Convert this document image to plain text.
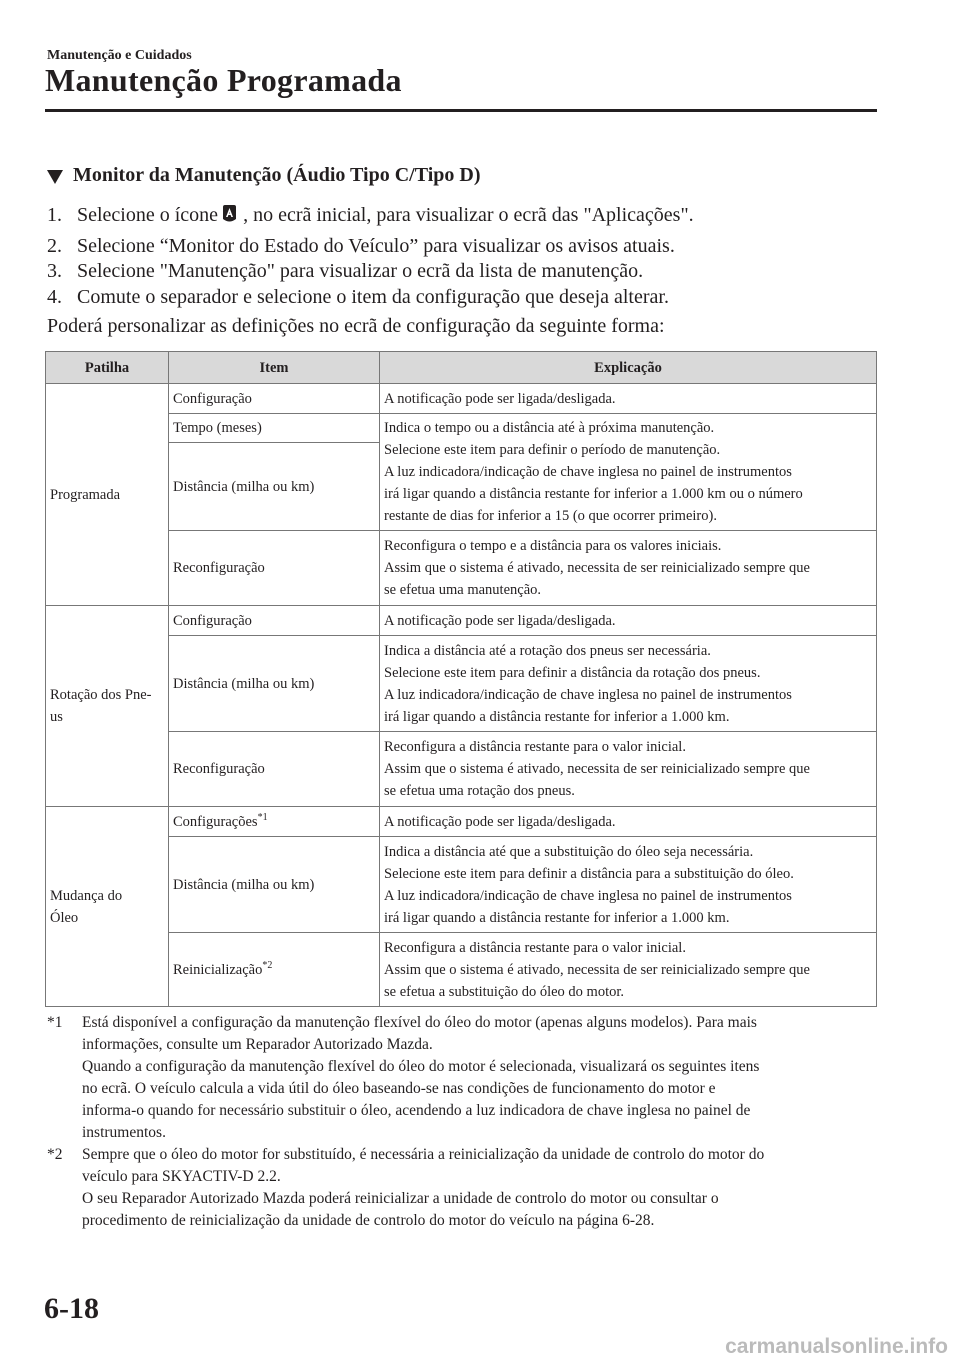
Manutenção e Cuidados
Manutenção Programada
Monitor da Manutenção (Áudio Tipo C/Tipo D)
1. Selecione o ícone , no ecrã inicial, para visualizar o ecrã das "Aplicações".
2. Selecione “Monitor do Estado do Veículo” para visualizar os avisos atuais.
3. Selecione "Manutenção" para visualizar o ecrã da lista de manutenção.
4. Comute o separador e selecione o item da configuração que deseja alterar.
Poderá personalizar as definições no ecrã de configuração da seguinte forma:
Patilha	Item	Explicação
Programada	Configuração	A notificação pode ser ligada/desligada.

	Tempo (meses)	Indica o tempo ou a distância até à próxima manutenção.
Selecione este item para definir o período de manutenção.
A luz indicadora/indicação de chave inglesa no painel de instrumentos
irá ligar quando a distância restante for inferior a 1.000 km ou o número
restante de dias for inferior a 15 (o que ocorrer primeiro).

	Distância (milha ou km)	
	Reconfiguração	Reconfigura o tempo e a distância para os valores iniciais.
Assim que o sistema é ativado, necessita de ser reinicializado sempre que
se efetua uma manutenção.

Rotação dos Pne-
us	Configuração	A notificação pode ser ligada/desligada.

	Distância (milha ou km)	Indica a distância até a rotação dos pneus ser necessária.
Selecione este item para definir a distância da rotação dos pneus.
A luz indicadora/indicação de chave inglesa no painel de instrumentos
irá ligar quando a distância restante for inferior a 1.000 km.

	Reconfiguração	Reconfigura a distância restante para o valor inicial.
Assim que o sistema é ativado, necessita de ser reinicializado sempre que
se efetua uma rotação dos pneus.

Mudança do
Óleo	Configurações$^{*1}$	A notificação pode ser ligada/desligada.

	Distância (milha ou km)	Indica a distância até que a substituição do óleo seja necessária.
Selecione este item para definir a distância para a substituição do óleo.
A luz indicadora/indicação de chave inglesa no painel de instrumentos
irá ligar quando a distância restante for inferior a 1.000 km.

	Reinicialização$^{*2}$	Reconfigura a distância restante para o valor inicial.
Assim que o sistema é ativado, necessita de ser reinicializado sempre que
se efetua a substituição do óleo do motor.
*1 Está disponível a configuração da manutenção flexível do óleo do motor (apenas alguns modelos). Para mais
informações, consulte um Reparador Autorizado Mazda.
Quando a configuração da manutenção flexível do óleo do motor é selecionada, visualizará os seguintes itens
no ecrã. O veículo calcula a vida útil do óleo baseando-se nas condições de funcionamento do motor e
informa-o quando for necessário substituir o óleo, acendendo a luz indicadora de chave inglesa no painel de
instrumentos.
*2 Sempre que o óleo do motor for substituído, é necessária a reinicialização da unidade de controlo do motor do
veículo para SKYACTIV-D 2.2.
O seu Reparador Autorizado Mazda poderá reinicializar a unidade de controlo do motor ou consultar o
procedimento de reinicialização da unidade de controlo do motor do veículo na página 6-28.
6-18
carmanualsonline.info
